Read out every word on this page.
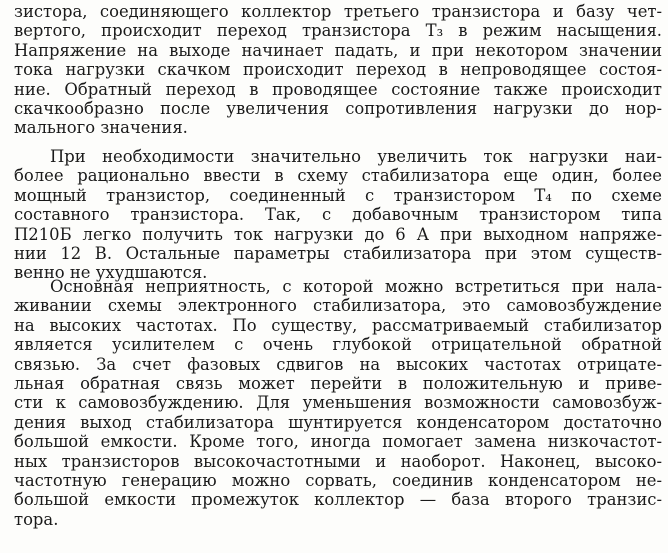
зистора, соединяющего коллектор третьего транзистора и базу чет-
вертого, происходит переход транзистора T₃ в режим насыщения.
Напряжение на выходе начинает падать, и при некотором значении
тока нагрузки скачком происходит переход в непроводящее состоя-
ние. Обратный переход в проводящее состояние также происходит
скачкообразно после увеличения сопротивления нагрузки до нор-
мального значения.

При необходимости значительно увеличить ток нагрузки наи-
более рационально ввести в схему стабилизатора еще один, более
мощный транзистор, соединенный с транзистором T₄ по схеме
составного транзистора. Так, с добавочным транзистором типа
П210Б легко получить ток нагрузки до 6 А при выходном напряже-
нии 12 В. Остальные параметры стабилизатора при этом существ-
венно не ухудшаются.

Основная неприятность, с которой можно встретиться при нала-
живании схемы электронного стабилизатора, это самовозбуждение
на высоких частотах. По существу, рассматриваемый стабилизатор
является усилителем с очень глубокой отрицательной обратной
связью. За счет фазовых сдвигов на высоких частотах отрицате-
льная обратная связь может перейти в положительную и приве-
сти к самовозбуждению. Для уменьшения возможности самовозбуж-
дения выход стабилизатора шунтируется конденсатором достаточно
большой емкости. Кроме того, иногда помогает замена низкочастот-
ных транзисторов высокочастотными и наоборот. Наконец, высоко-
частотную генерацию можно сорвать, соединив конденсатором не-
большой емкости промежуток коллектор — база второго транзис-
тора.
